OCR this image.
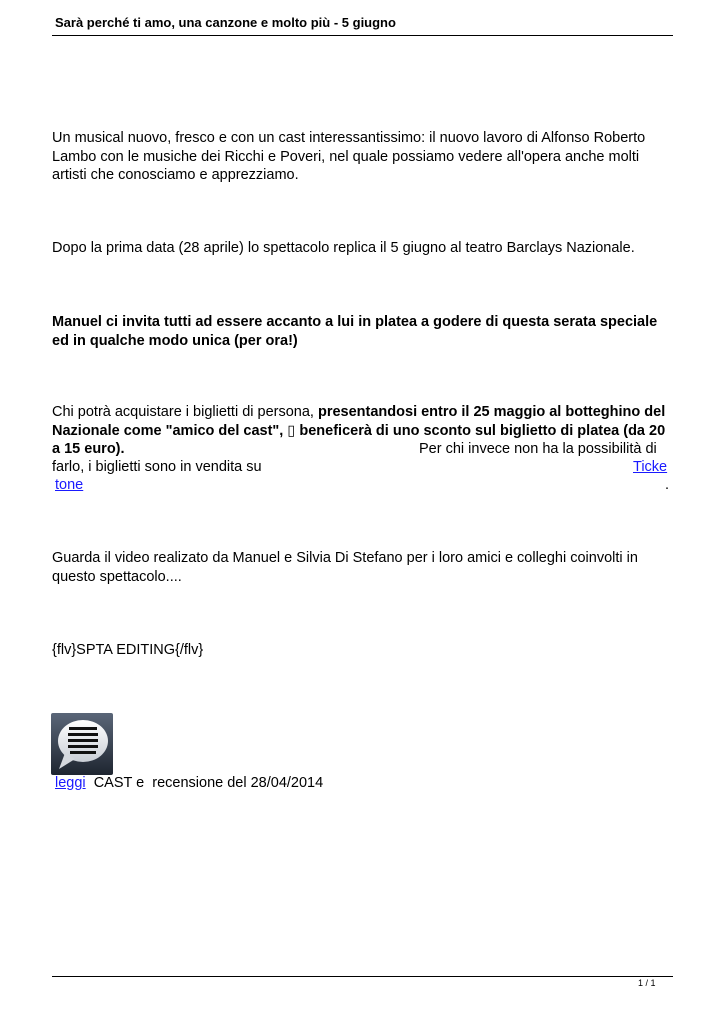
Sarà perché ti amo, una canzone e molto più - 5 giugno
Un musical nuovo, fresco e con un cast interessantissimo: il nuovo lavoro di Alfonso Roberto Lambo con le musiche dei Ricchi e Poveri, nel quale possiamo vedere all'opera anche molti artisti che conosciamo e apprezziamo.
Dopo la prima data (28 aprile) lo spettacolo replica il 5 giugno al teatro Barclays Nazionale.
Manuel ci invita tutti ad essere accanto a lui in platea a godere di questa serata speciale ed in qualche modo unica (per ora!)
Chi potrà acquistare i biglietti di persona, presentandosi entro il 25 maggio al botteghino del Nazionale come "amico del cast", ▯ beneficerà di uno sconto sul biglietto di platea (da 20 a 15 euro).	Per chi invece non ha la possibilità di
farlo, i biglietti sono in vendita su	Ticke
tone	.
Guarda il video realizato da Manuel e Silvia Di Stefano per i loro amici e colleghi coinvolti in questo spettacolo....
{flv}SPTA EDITING{/flv}
leggi  CAST e  recensione del 28/04/2014
1 / 1
